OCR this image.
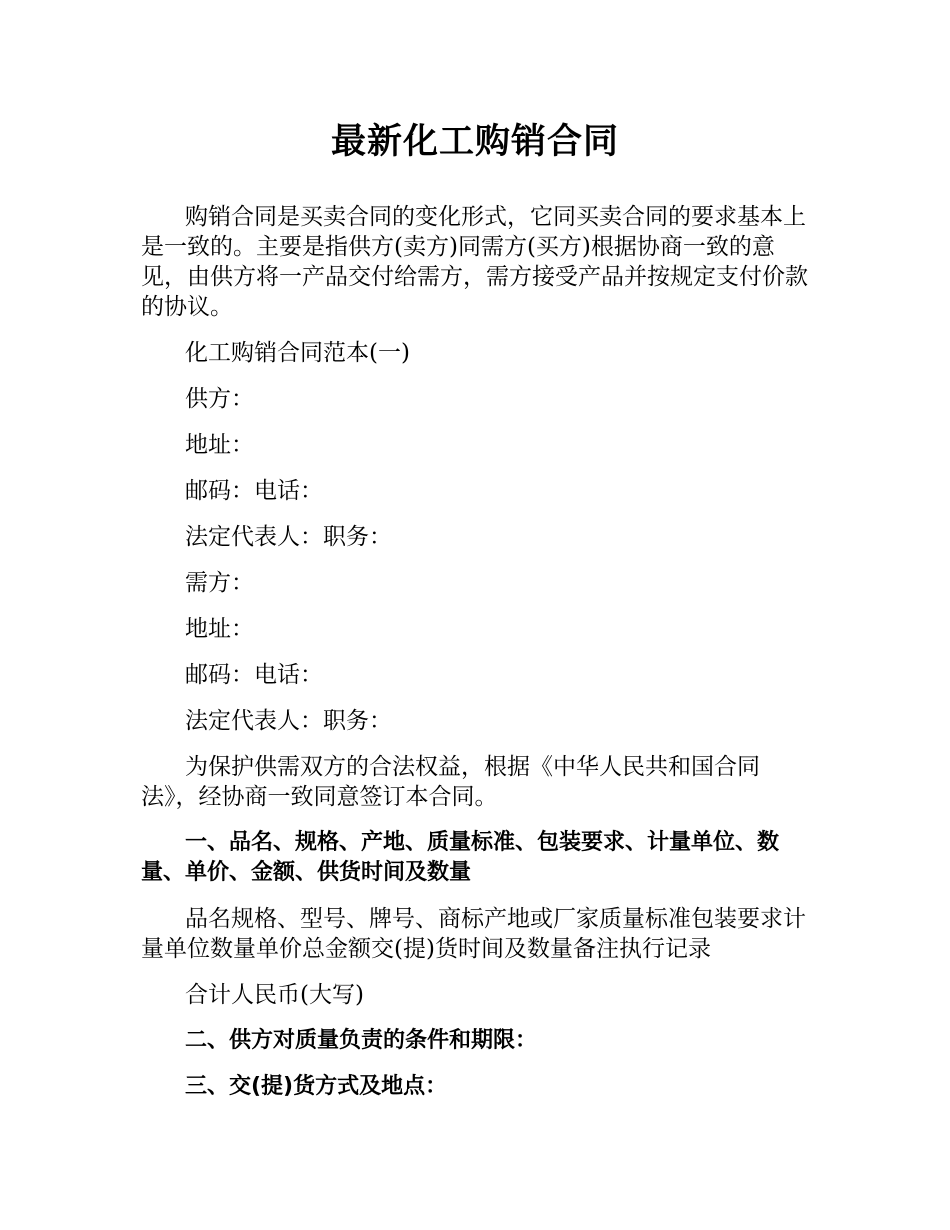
最新化工购销合同

购销合同是买卖合同的变化形式，它同买卖合同的要求基本上是一致的。主要是指供方(卖方)同需方(买方)根据协商一致的意见，由供方将一产品交付给需方，需方接受产品并按规定支付价款的协议。

化工购销合同范本(一)

供方：

地址：

邮码：电话：

法定代表人：职务：

需方：

地址：

邮码：电话：

法定代表人：职务：

为保护供需双方的合法权益，根据《中华人民共和国合同法》，经协商一致同意签订本合同。

一、品名、规格、产地、质量标准、包装要求、计量单位、数量、单价、金额、供货时间及数量

品名规格、型号、牌号、商标产地或厂家质量标准包装要求计量单位数量单价总金额交(提)货时间及数量备注执行记录

合计人民币(大写)

二、供方对质量负责的条件和期限：

三、交(提)货方式及地点：
